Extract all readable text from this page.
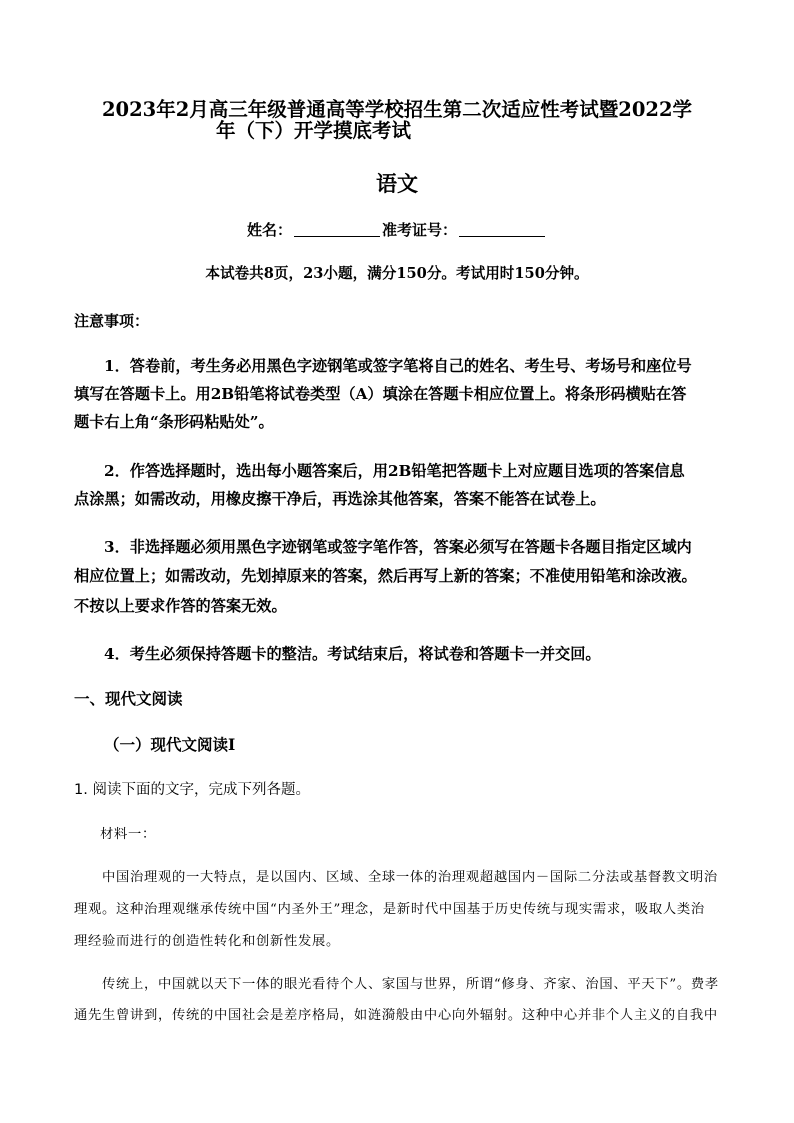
2023年2月高三年级普通高等学校招生第二次适应性考试暨2022学
年（下）开学摸底考试
语文
姓名：	准考证号：
本试卷共8页，23小题，满分150分。考试用时150分钟。
注意事项：
1．答卷前，考生务必用黑色字迹钢笔或签字笔将自己的姓名、考生号、考场号和座位号
填写在答题卡上。用2B铅笔将试卷类型（A）填涂在答题卡相应位置上。将条形码横贴在答
题卡右上角“条形码粘贴处”。
2．作答选择题时，选出每小题答案后，用2B铅笔把答题卡上对应题目选项的答案信息
点涂黑；如需改动，用橡皮擦干净后，再选涂其他答案，答案不能答在试卷上。
3．非选择题必须用黑色字迹钢笔或签字笔作答，答案必须写在答题卡各题目指定区域内
相应位置上；如需改动，先划掉原来的答案，然后再写上新的答案；不准使用铅笔和涂改液。
不按以上要求作答的答案无效。
4．考生必须保持答题卡的整洁。考试结束后，将试卷和答题卡一并交回。
一、现代文阅读
（一）现代文阅读Ⅰ
1. 阅读下面的文字，完成下列各题。
材料一：
中国治理观的一大特点，是以国内、区域、全球一体的治理观超越国内－国际二分法或基督教文明治
理观。这种治理观继承传统中国“内圣外王”理念，是新时代中国基于历史传统与现实需求，吸取人类治
理经验而进行的创造性转化和创新性发展。
传统上，中国就以天下一体的眼光看待个人、家国与世界，所谓“修身、齐家、治国、平天下”。费孝
通先生曾讲到，传统的中国社会是差序格局，如涟漪般由中心向外辐射。这种中心并非个人主义的自我中
